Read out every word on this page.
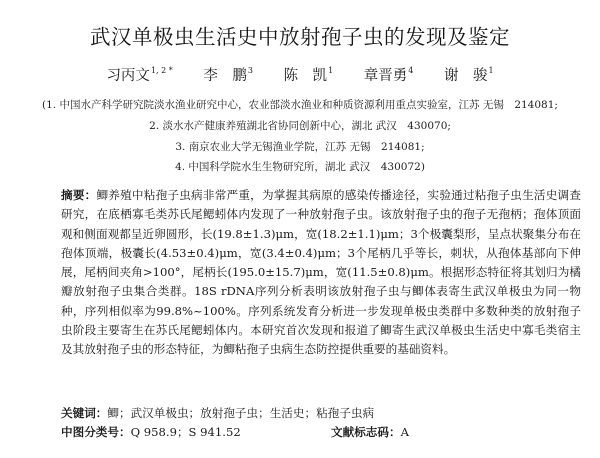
武汉单极虫生活史中放射孢子虫的发现及鉴定
习丙文$^{1, 2 *}$ 李　鹏$^3$ 陈　凯$^1$ 章晋勇$^4$ 谢　骏$^1$
(1. 中国水产科学研究院淡水渔业研究中心，农业部淡水渔业和种质资源利用重点实验室，江苏 无锡　214081;
2. 淡水水产健康养殖湖北省协同创新中心，湖北 武汉　430070;
3. 南京农业大学无锡渔业学院，江苏 无锡　214081;
4. 中国科学院水生生物研究所，湖北 武汉　430072)
摘要：鲫养殖中粘孢子虫病非常严重，为掌握其病原的感染传播途径，实验通过粘孢子虫生活史调查研究，在底栖寡毛类苏氏尾鳃蚓体内发现了一种放射孢子虫。该放射孢子虫的孢子无孢柄；孢体顶面观和侧面观都呈近卵圆形，长(19.8±1.3)μm，宽(18.2±1.1)μm；3个极囊梨形，呈点状聚集分布在孢体顶端，极囊长(4.53±0.4)μm，宽(3.4±0.4)μm；3个尾柄几乎等长，刺状，从孢体基部向下伸展，尾柄间夹角>100°，尾柄长(195.0±15.7)μm，宽(11.5±0.8)μm。根据形态特征将其划归为橘瓣放射孢子虫集合类群。18S rDNA序列分析表明该放射孢子虫与鲫体表寄生武汉单极虫为同一物种，序列相似率为99.8%~100%。序列系统发育分析进一步发现单极虫类群中多数种类的放射孢子虫阶段主要寄生在苏氏尾鳃蚓体内。本研究首次发现和报道了鲫寄生武汉单极虫生活史中寡毛类宿主及其放射孢子虫的形态特征，为鲫粘孢子虫病生态防控提供重要的基础资料。
关键词：鲫；武汉单极虫；放射孢子虫；生活史；粘孢子虫病
中图分类号：Q 958.9；S 941.52	文献标志码：A
